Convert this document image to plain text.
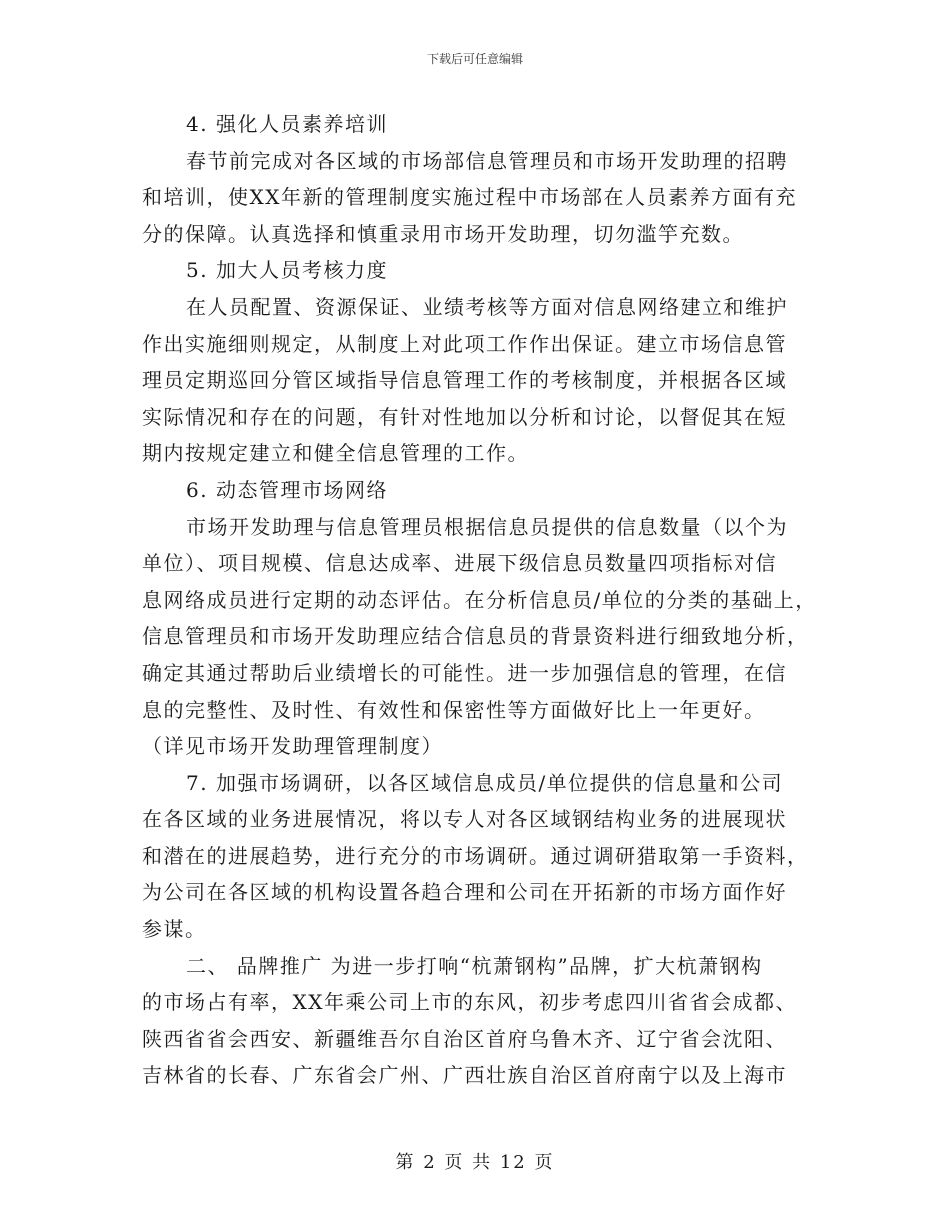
下载后可任意编辑
4. 强化人员素养培训
春节前完成对各区域的市场部信息管理员和市场开发助理的招聘
和培训，使XX年新的管理制度实施过程中市场部在人员素养方面有充
分的保障。认真选择和慎重录用市场开发助理，切勿滥竽充数。
5. 加大人员考核力度
在人员配置、资源保证、业绩考核等方面对信息网络建立和维护
作出实施细则规定，从制度上对此项工作作出保证。建立市场信息管
理员定期巡回分管区域指导信息管理工作的考核制度，并根据各区域
实际情况和存在的问题，有针对性地加以分析和讨论，以督促其在短
期内按规定建立和健全信息管理的工作。
6. 动态管理市场网络
市场开发助理与信息管理员根据信息员提供的信息数量（以个为
单位）、项目规模、信息达成率、进展下级信息员数量四项指标对信
息网络成员进行定期的动态评估。在分析信息员/单位的分类的基础上，
信息管理员和市场开发助理应结合信息员的背景资料进行细致地分析，
确定其通过帮助后业绩增长的可能性。进一步加强信息的管理，在信
息的完整性、及时性、有效性和保密性等方面做好比上一年更好。
（详见市场开发助理管理制度）
7. 加强市场调研，以各区域信息成员/单位提供的信息量和公司
在各区域的业务进展情况，将以专人对各区域钢结构业务的进展现状
和潜在的进展趋势，进行充分的市场调研。通过调研猎取第一手资料，
为公司在各区域的机构设置各趋合理和公司在开拓新的市场方面作好
参谋。
二、 品牌推广 为进一步打响“杭萧钢构”品牌，扩大杭萧钢构
的市场占有率，XX年乘公司上市的东风，初步考虑四川省省会成都、
陕西省省会西安、新疆维吾尔自治区首府乌鲁木齐、辽宁省会沈阳、
吉林省的长春、广东省会广州、广西壮族自治区首府南宁以及上海市
第 2 页 共 12 页
